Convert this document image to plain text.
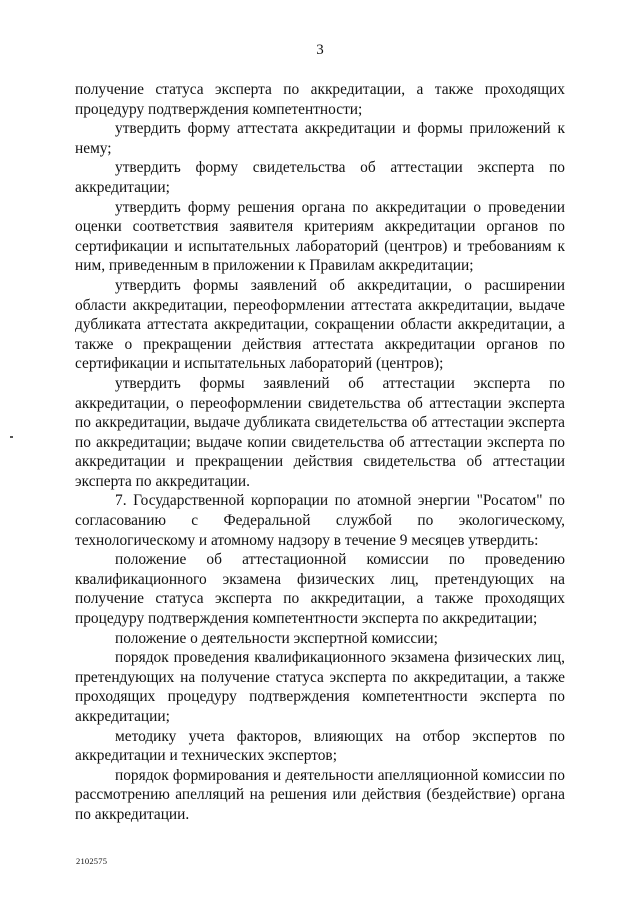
3

получение статуса эксперта по аккредитации, а также проходящих процедуру подтверждения компетентности;

утвердить форму аттестата аккредитации и формы приложений к нему;

утвердить форму свидетельства об аттестации эксперта по аккредитации;

утвердить форму решения органа по аккредитации о проведении оценки соответствия заявителя критериям аккредитации органов по сертификации и испытательных лабораторий (центров) и требованиям к ним, приведенным в приложении к Правилам аккредитации;

утвердить формы заявлений об аккредитации, о расширении области аккредитации, переоформлении аттестата аккредитации, выдаче дубликата аттестата аккредитации, сокращении области аккредитации, а также о прекращении действия аттестата аккредитации органов по сертификации и испытательных лабораторий (центров);

утвердить формы заявлений об аттестации эксперта по аккредитации, о переоформлении свидетельства об аттестации эксперта по аккредитации, выдаче дубликата свидетельства об аттестации эксперта по аккредитации; выдаче копии свидетельства об аттестации эксперта по аккредитации и прекращении действия свидетельства об аттестации эксперта по аккредитации.

7. Государственной корпорации по атомной энергии "Росатом" по согласованию с Федеральной службой по экологическому, технологическому и атомному надзору в течение 9 месяцев утвердить:

положение об аттестационной комиссии по проведению квалификационного экзамена физических лиц, претендующих на получение статуса эксперта по аккредитации, а также проходящих процедуру подтверждения компетентности эксперта по аккредитации;

положение о деятельности экспертной комиссии;

порядок проведения квалификационного экзамена физических лиц, претендующих на получение статуса эксперта по аккредитации, а также проходящих процедуру подтверждения компетентности эксперта по аккредитации;

методику учета факторов, влияющих на отбор экспертов по аккредитации и технических экспертов;

порядок формирования и деятельности апелляционной комиссии по рассмотрению апелляций на решения или действия (бездействие) органа по аккредитации.

2102575
